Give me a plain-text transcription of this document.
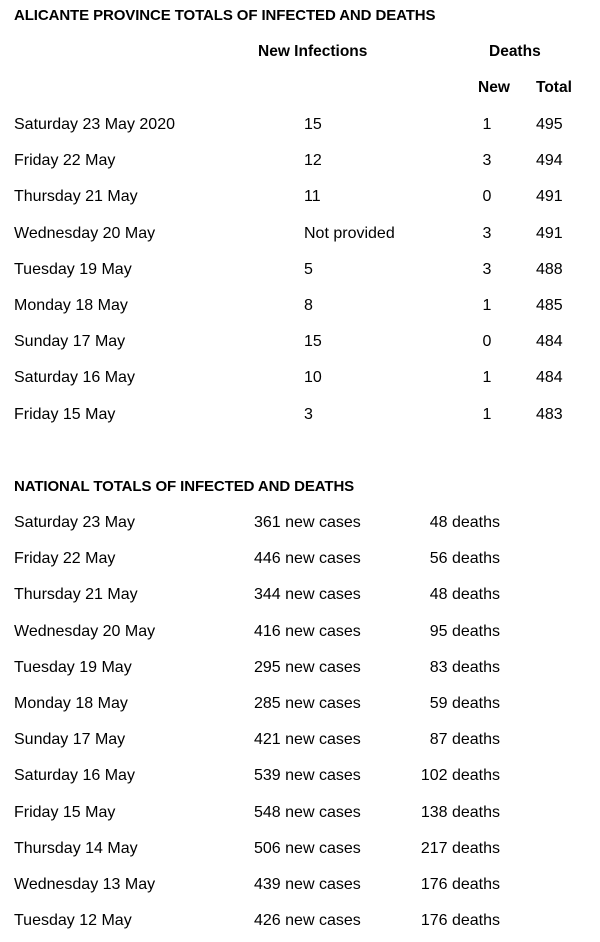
ALICANTE PROVINCE TOTALS OF INFECTED AND DEATHS
New Infections	Deaths
New Total
Saturday 23 May 2020	15	1	495
Friday 22 May	12	3	494
Thursday 21 May	11	0	491
Wednesday 20 May	Not provided	3	491
Tuesday 19 May	5	3	488
Monday 18 May	8	1	485
Sunday 17 May	15	0	484
Saturday 16 May	10	1	484
Friday 15 May	3	1	483
NATIONAL TOTALS OF INFECTED AND DEATHS
Saturday 23 May	361 new cases	48 deaths
Friday 22 May	446 new cases	56 deaths
Thursday 21 May	344 new cases	48 deaths
Wednesday 20 May	416 new cases	95 deaths
Tuesday 19 May	295 new cases	83 deaths
Monday 18 May	285 new cases	59 deaths
Sunday 17 May	421 new cases	87 deaths
Saturday 16 May	539 new cases	102 deaths
Friday 15 May	548 new cases	138 deaths
Thursday 14 May	506 new cases	217 deaths
Wednesday 13 May	439 new cases	176 deaths
Tuesday 12 May	426 new cases	176 deaths
